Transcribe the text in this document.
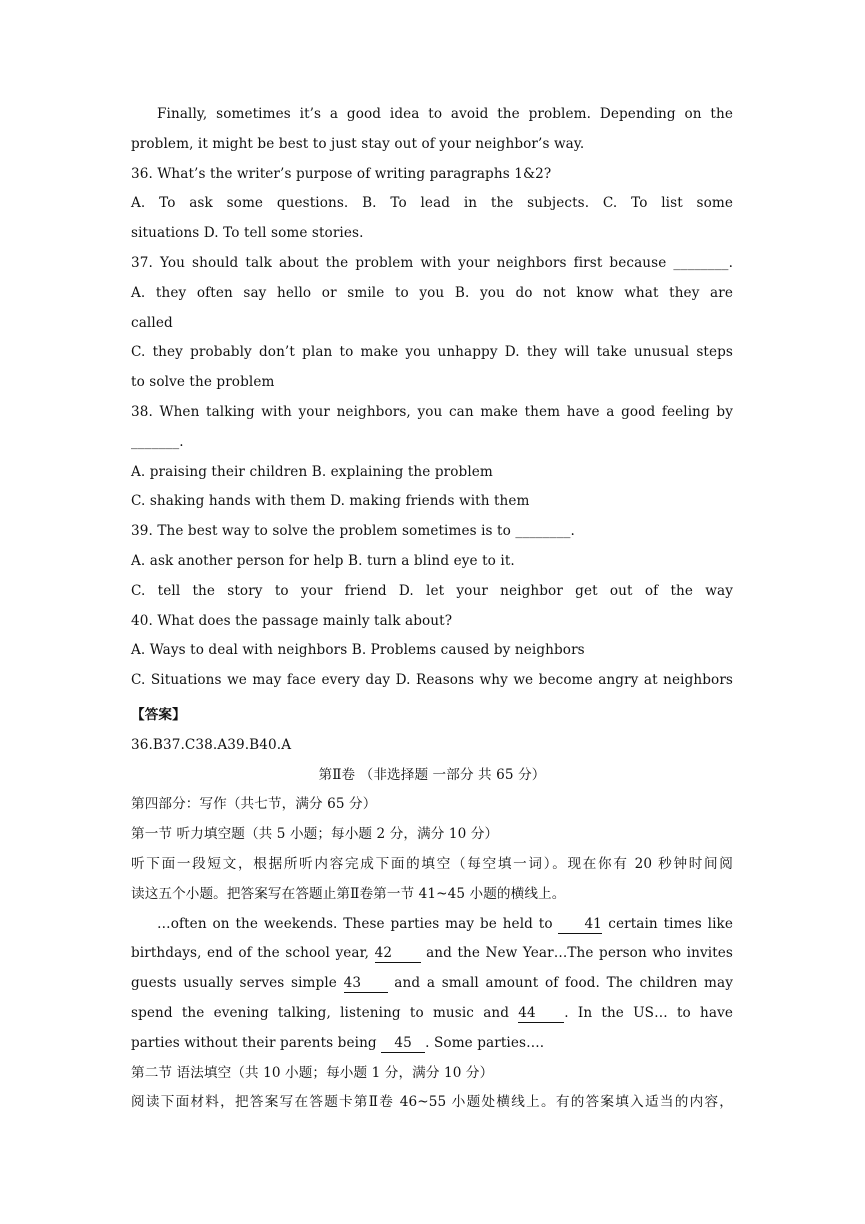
Finally, sometimes it’s a good idea to avoid the problem. Depending on the
problem, it might be best to just stay out of your neighbor’s way.
36. What’s the writer’s purpose of writing paragraphs 1&2?
A. To ask some questions. B. To lead in the subjects. C. To list some
situations D. To tell some stories.
37. You should talk about the problem with your neighbors first because ________.
A. they often say hello or smile to you B. you do not know what they are
called
C. they probably don’t plan to make you unhappy D. they will take unusual steps
to solve the problem
38. When talking with your neighbors, you can make them have a good feeling by
_______.
A. praising their children B. explaining the problem
C. shaking hands with them D. making friends with them
39. The best way to solve the problem sometimes is to ________.
A. ask another person for help B. turn a blind eye to it.
C. tell the story to your friend D. let your neighbor get out of the way
40. What does the passage mainly talk about?
A. Ways to deal with neighbors B. Problems caused by neighbors
C. Situations we may face every day D. Reasons why we become angry at neighbors
【答案】
36.B37.C38.A39.B40.A
第Ⅱ卷 （非选择题 一部分 共 65 分）
第四部分：写作（共七节，满分 65 分）
第一节 听力填空题（共 5 小题；每小题 2 分，满分 10 分）
听下面一段短文，根据所听内容完成下面的填空（每空填一词）。现在你有 20 秒钟时间阅
读这五个小题。把答案写在答题止第Ⅱ卷第一节 41~45 小题的横线上。
…often on the weekends. These parties may be held to 41 certain times like
birthdays, end of the school year, 42 and the New Year…The person who invites
guests usually serves simple 43 and a small amount of food. The children may
spend the evening talking, listening to music and 44 . In the US… to have
parties without their parents being 45 . Some parties….
第二节 语法填空（共 10 小题；每小题 1 分，满分 10 分）
阅读下面材料，把答案写在答题卡第Ⅱ卷 46~55 小题处横线上。有的答案填入适当的内容，
